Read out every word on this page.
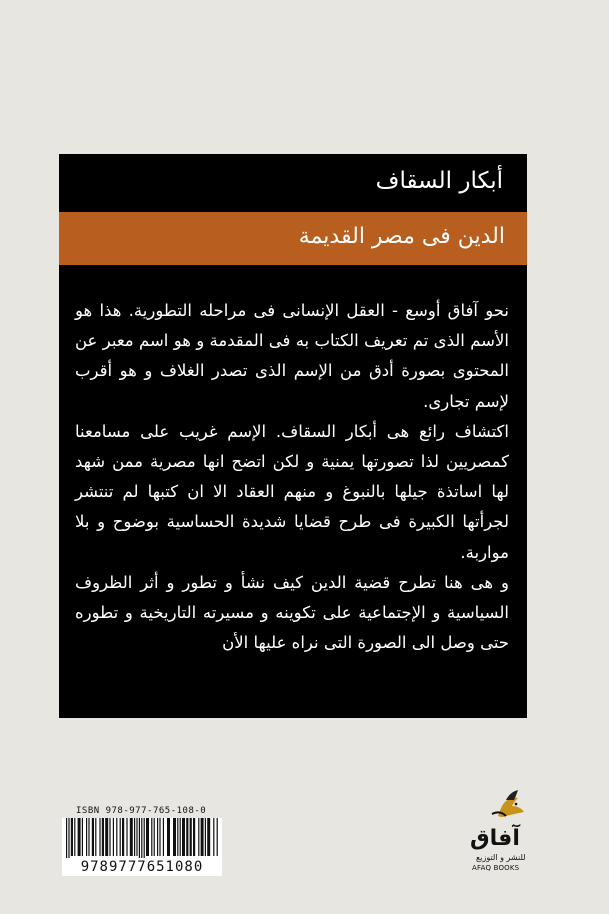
أبكار السقاف
الدين فى مصر القديمة

نحو آفاق أوسع - العقل الإنسانى فى مراحله التطورية. هذا هو الأسم الذى تم تعريف الكتاب به فى المقدمة و هو اسم معبر عن المحتوى بصورة أدق من الإسم الذى تصدر الغلاف و هو أقرب لإسم تجارى.

اكتشاف رائع هى أبكار السقاف. الإسم غريب على مسامعنا كمصريين لذا تصورتها يمنية و لكن اتضح انها مصرية ممن شهد لها اساتذة جيلها بالنبوغ و منهم العقاد الا ان كتبها لم تنتشر لجرأتها الكبيرة فى طرح قضايا شديدة الحساسية بوضوح و بلا مواربة.

و هى هنا تطرح قضية الدين كيف نشأ و تطور و أثر الظروف السياسية و الإجتماعية على تكوينه و مسيرته التاريخية و تطوره حتى وصل الى الصورة التى نراه عليها الأن

ISBN 978-977-765-108-0
9789777651080
آفاق
للنشر و التوزيع
AFAQ BOOKS
